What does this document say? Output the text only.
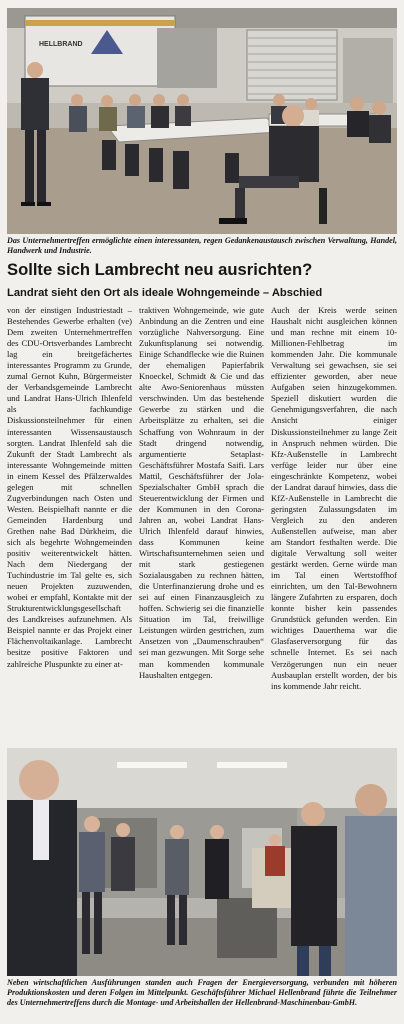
HELLBRAND

Das Unternehmertreffen ermöglichte einen interessanten, regen Gedankenaustausch zwischen Verwaltung, Handel, Handwerk und Industrie.

Sollte sich Lambrecht neu ausrichten?
Landrat sieht den Ort als ideale Wohngemeinde – Abschied

von der einstigen Industriestadt – Bestehendes Gewerbe erhalten (ve) Dem zweiten Unternehmertreffen des CDU-Ortsverbandes Lambrecht lag ein breitgefächertes interessantes Programm zu Grunde, zumal Gernot Kuhn, Bürgermeister der Verbandsgemeinde Lambrecht und Landrat Hans-Ulrich Ihlenfeld als fachkundige Diskussionsteilnehmer für einen interessanten Wissensaustausch sorgten. Landrat Ihlenfeld sah die Zukunft der Stadt Lambrecht als interessante Wohngemeinde mitten in einem Kessel des Pfälzerwaldes gelegen mit schnellen Zugverbindungen nach Osten und Westen. Beispielhaft nannte er die Gemeinden Hardenburg und Grethen nahe Bad Dürkheim, die sich als begehrte Wohngemeinden positiv weiterentwickelt hätten. Nach dem Niedergang der Tuchindustrie im Tal gelte es, sich neuen Projekten zuzuwenden, wobei er empfahl, Kontakte mit der Strukturentwicklungsgesellschaft des Landkreises aufzunehmen. Als Beispiel nannte er das Projekt einer Flächenvoltaikanlage. Lambrecht besitze positive Faktoren und zahlreiche Pluspunkte zu einer at-

traktiven Wohngemeinde, wie gute Anbindung an die Zentren und eine vorzügliche Nahversorgung. Eine Zukunftsplanung sei notwendig. Einige Schandflecke wie die Ruinen der ehemaligen Papierfabrik Knoeckel, Schmidt & Cie und das alte Awo-Seniorenhaus müssten verschwinden. Um das bestehende Gewerbe zu stärken und die Arbeitsplätze zu erhalten, sei die Schaffung von Wohnraum in der Stadt dringend notwendig, argumentierte Setaplast-Geschäftsführer Mostafa Saifi. Lars Mattil, Geschäftsführer der Jola-Spezialschalter GmbH sprach die Steuerentwicklung der Firmen und der Kommunen in den Corona-Jahren an, wobei Landrat Hans-Ulrich Ihlenfeld darauf hinwies, dass Kommunen keine Wirtschaftsunternehmen seien und mit stark gestiegenen Sozialausgaben zu rechnen hätten, die Unterfinanzierung drohe und es sei auf einen Finanzausgleich zu hoffen. Schwierig sei die finanzielle Situation im Tal, freiwillige Leistungen würden gestrichen, zum Ansetzen von „Daumenschrauben“ sei man gezwungen. Mit Sorge sehe man kommenden kommunale Haushalten entgegen.

Auch der Kreis werde seinen Haushalt nicht ausgleichen können und man rechne mit einem 10-Millionen-Fehlbetrag im kommenden Jahr. Die kommunale Verwaltung sei gewachsen, sie sei effizienter geworden, aber neue Aufgaben seien hinzugekommen. Speziell diskutiert wurden die Genehmigungsverfahren, die nach Ansicht einiger Diskussionsteilnehmer zu lange Zeit in Anspruch nehmen würden. Die Kfz-Außenstelle in Lambrecht verfüge leider nur über eine eingeschränkte Kompetenz, wobei der Landrat darauf hinwies, dass die KfZ-Außenstelle in Lambrecht die geringsten Zulassungsdaten im Vergleich zu den anderen Außenstellen aufweise, man aber am Standort festhalten werde. Die digitale Verwaltung soll weiter gestärkt werden. Gerne würde man im Tal einen Wertstoffhof einrichten, um den Tal-Bewohnern längere Zufahrten zu ersparen, doch konnte bisher kein passendes Grundstück gefunden werden. Ein wichtiges Dauerthema war die Glasfaserversorgung für das schnelle Internet. Es sei nach Verzögerungen nun ein neuer Ausbauplan erstellt worden, der bis ins kommende Jahr reicht.

Neben wirtschaftlichen Ausführungen standen auch Fragen der Energieversorgung, verbunden mit höheren Produktionskosten und deren Folgen im Mittelpunkt. Geschäftsführer Michael Hellenbrand führte die Teilnehmer des Unternehmertreffens durch die Montage- und Arbeitshallen der Hellenbrand-Maschinenbau-GmbH.
